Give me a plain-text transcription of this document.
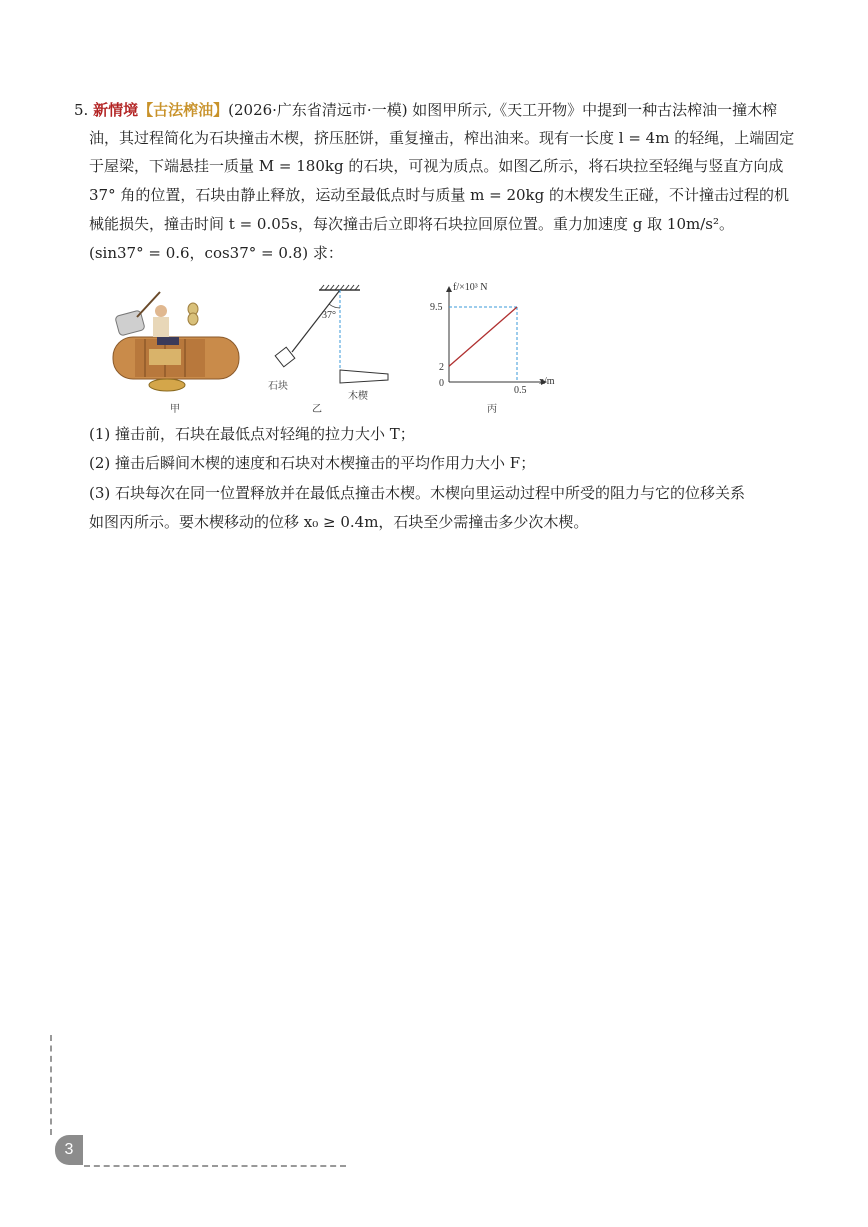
5. 新情境【古法榨油】(2026·广东省清远市·一模) 如图甲所示,《天工开物》中提到一种古法榨油一撞木榨
油，其过程简化为石块撞击木楔，挤压胚饼，重复撞击，榨出油来。现有一长度 l = 4m 的轻绳，上端固定
于屋梁，下端悬挂一质量 M = 180kg 的石块，可视为质点。如图乙所示，将石块拉至轻绳与竖直方向成
37° 角的位置，石块由静止释放，运动至最低点时与质量 m = 20kg 的木楔发生正碰，不计撞击过程的机
械能损失，撞击时间 t = 0.05s，每次撞击后立即将石块拉回原位置。重力加速度 g 取 10m/s²。
(sin37° = 0.6，cos37° = 0.8) 求：
甲
37°
石块
木楔
乙
f/×10³ N
x/m
9.5
2
0
0.5
丙
(1) 撞击前，石块在最低点对轻绳的拉力大小 T；
(2) 撞击后瞬间木楔的速度和石块对木楔撞击的平均作用力大小 F；
(3) 石块每次在同一位置释放并在最低点撞击木楔。木楔向里运动过程中所受的阻力与它的位移关系
如图丙所示。要木楔移动的位移 x₀ ≥ 0.4m，石块至少需撞击多少次木楔。
3
